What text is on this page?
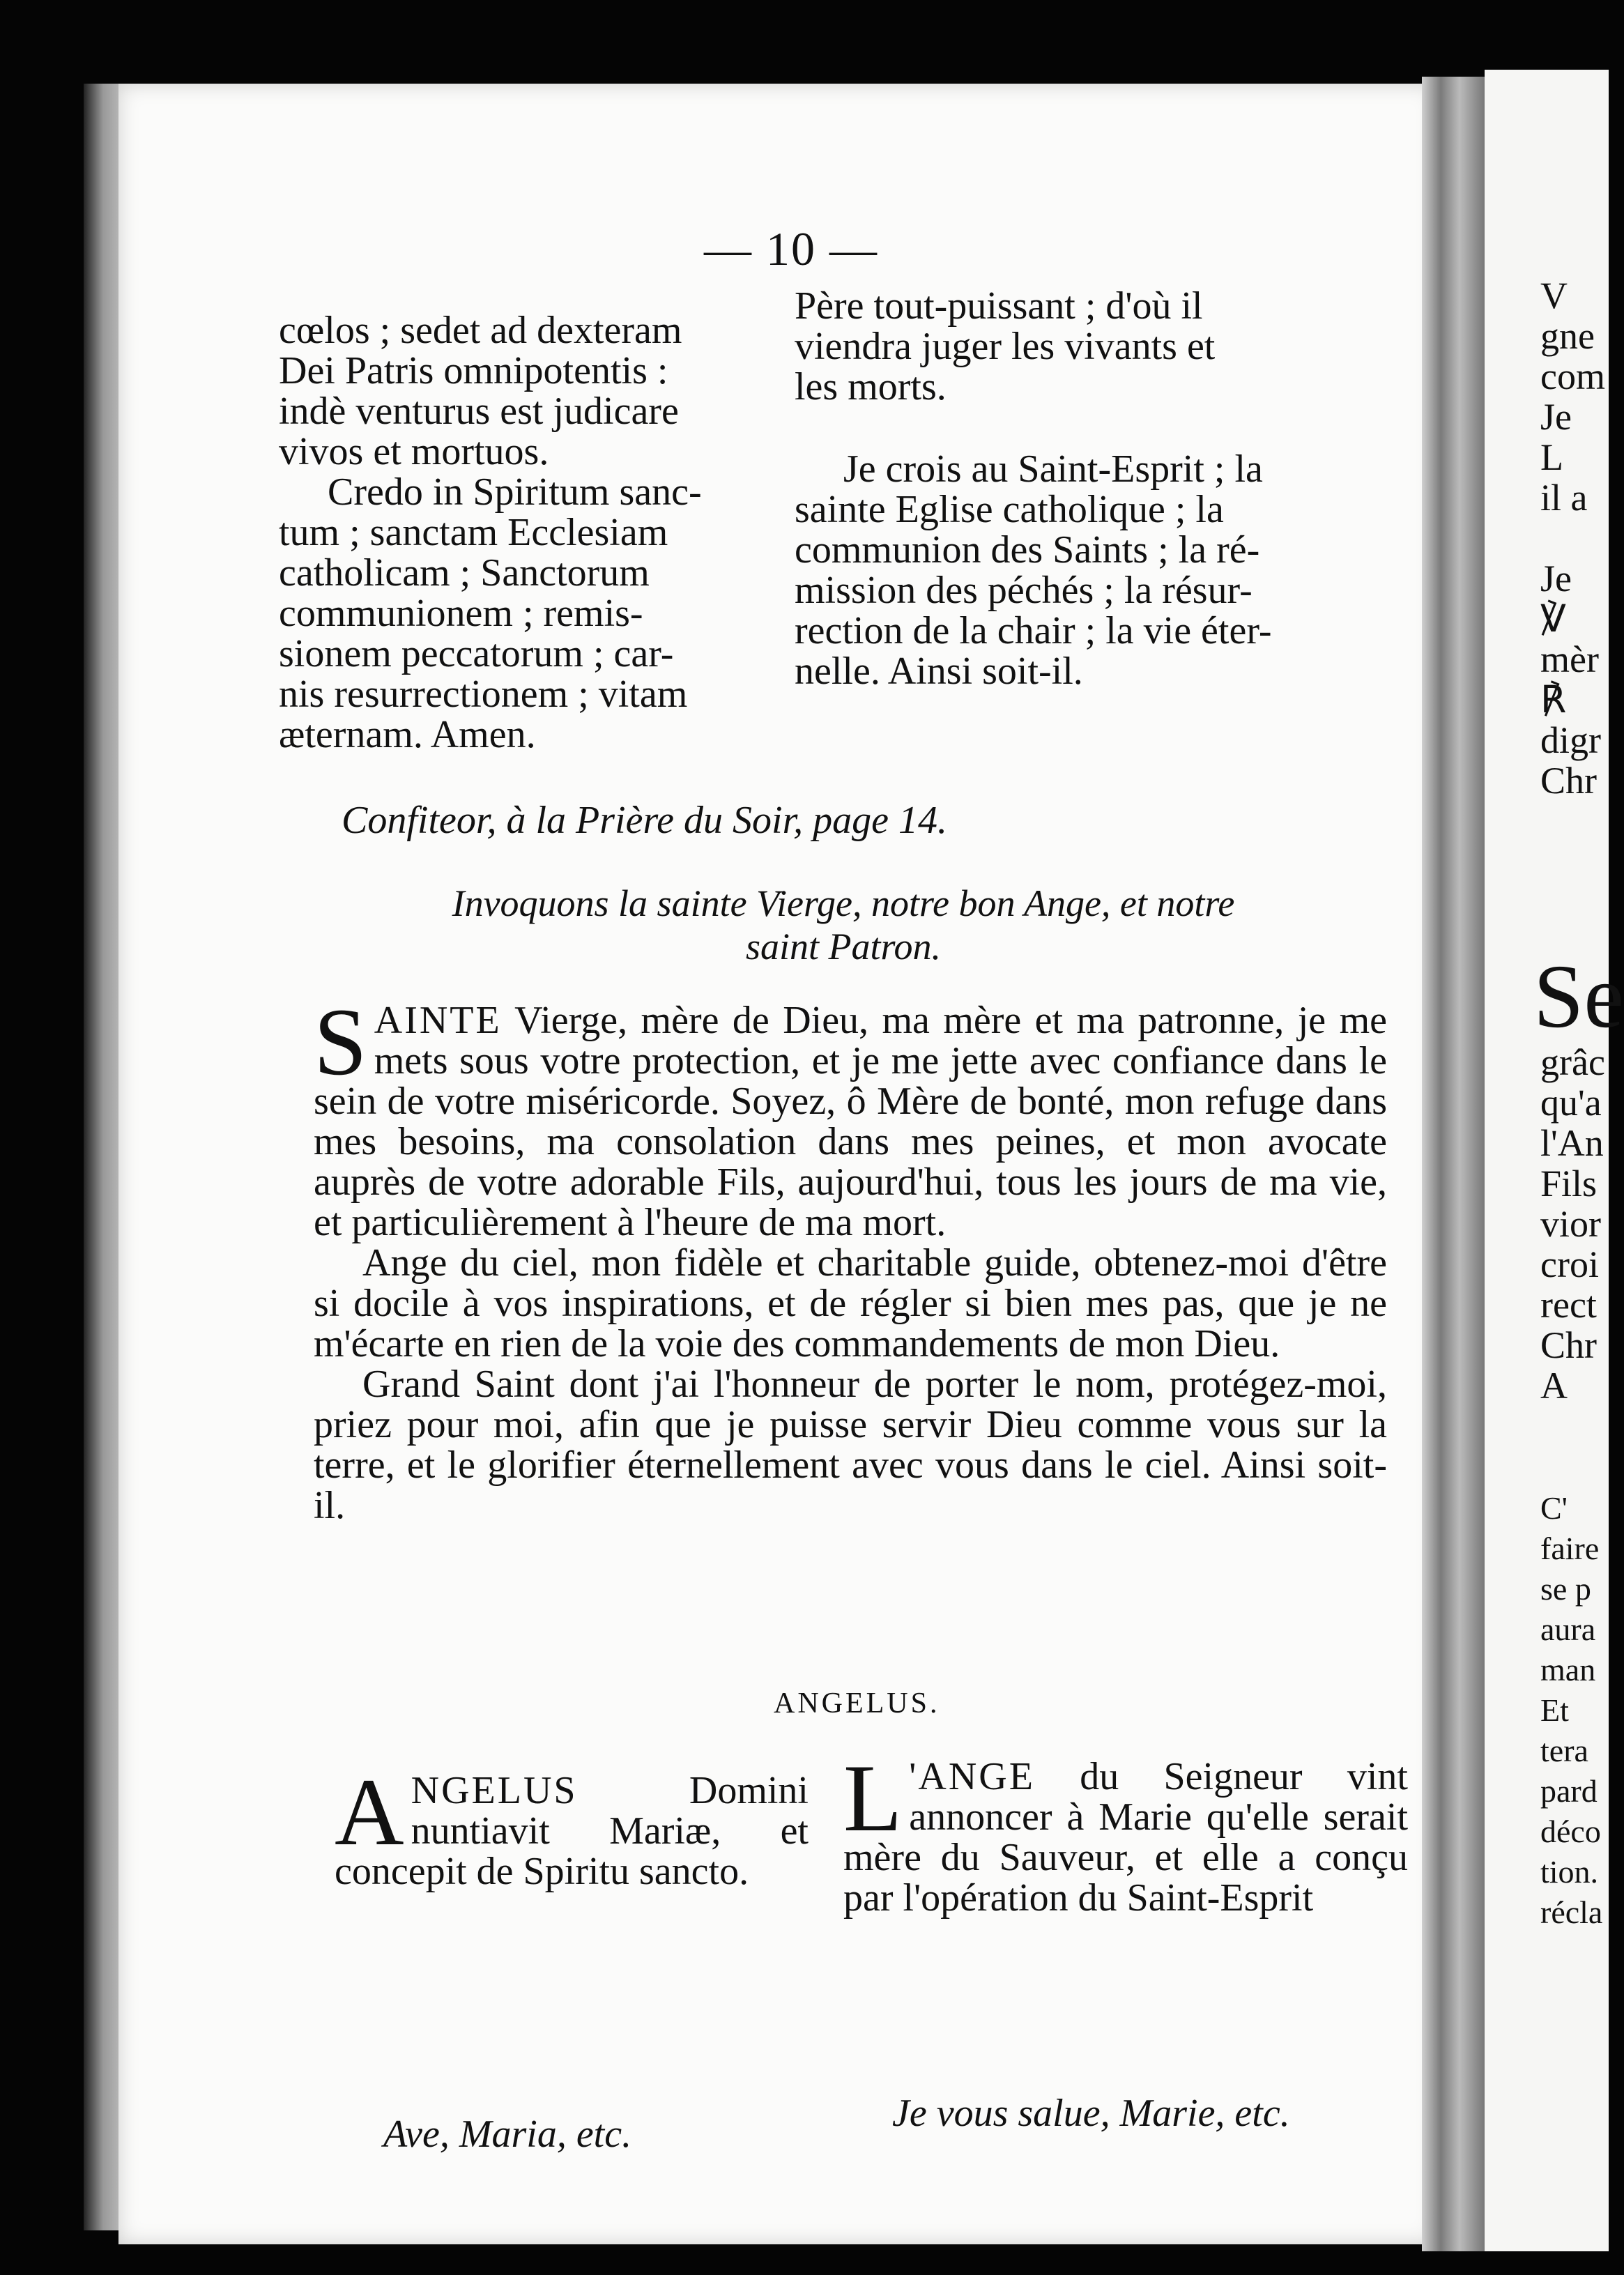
— 10 —

cœlos ; sedet ad dexteram

Dei Patris omnipotentis :

indè venturus est judicare

vivos et mortuos.

Credo in Spiritum sanc-

tum ; sanctam Ecclesiam

catholicam ; Sanctorum

communionem ; remis-

sionem peccatorum ; car-

nis resurrectionem ; vitam

æternam. Amen.

Père tout-puissant ; d'où il

viendra juger les vivants et

les morts.

Je crois au Saint-Esprit ; la

sainte Eglise catholique ; la

communion des Saints ; la ré-

mission des péchés ; la résur-

rection de la chair ; la vie éter-

nelle. Ainsi soit-il.

Confiteor, à la Prière du Soir, page 14.
Invoquons la sainte Vierge, notre bon Ange, et notre
saint Patron.

SAINTE Vierge, mère de Dieu, ma mère et ma patronne, je me mets sous votre protection, et je me jette avec confiance dans le sein de votre miséricorde. Soyez, ô Mère de bonté, mon refuge dans mes besoins, ma consolation dans mes peines, et mon avocate auprès de votre adorable Fils, aujourd'hui, tous les jours de ma vie, et particulièrement à l'heure de ma mort.

Ange du ciel, mon fidèle et charitable guide, obtenez-moi d'être si docile à vos inspirations, et de régler si bien mes pas, que je ne m'écarte en rien de la voie des commandements de mon Dieu.

Grand Saint dont j'ai l'honneur de porter le nom, protégez-moi, priez pour moi, afin que je puisse servir Dieu comme vous sur la terre, et le glorifier éternellement avec vous dans le ciel. Ainsi soit-il.

ANGELUS.

ANGELUS Domini nuntiavit Mariæ, et concepit de Spiritu sancto.

L 'ANGE du Seigneur vint annoncer à Marie qu'elle serait mère du Sauveur, et elle a conçu par l'opération du Saint-Esprit

Ave, Maria, etc.	Je vous salue, Marie, etc.
V
gne
com
Je
L
il a
Je
℣
mèr
℟
digr
Chr
Se
grâc
qu'a
l'An
Fils
vior
croi
rect
Chr
A
C'
faire
se p
aura
man
Et
tera
pard
déco
tion.
récla
